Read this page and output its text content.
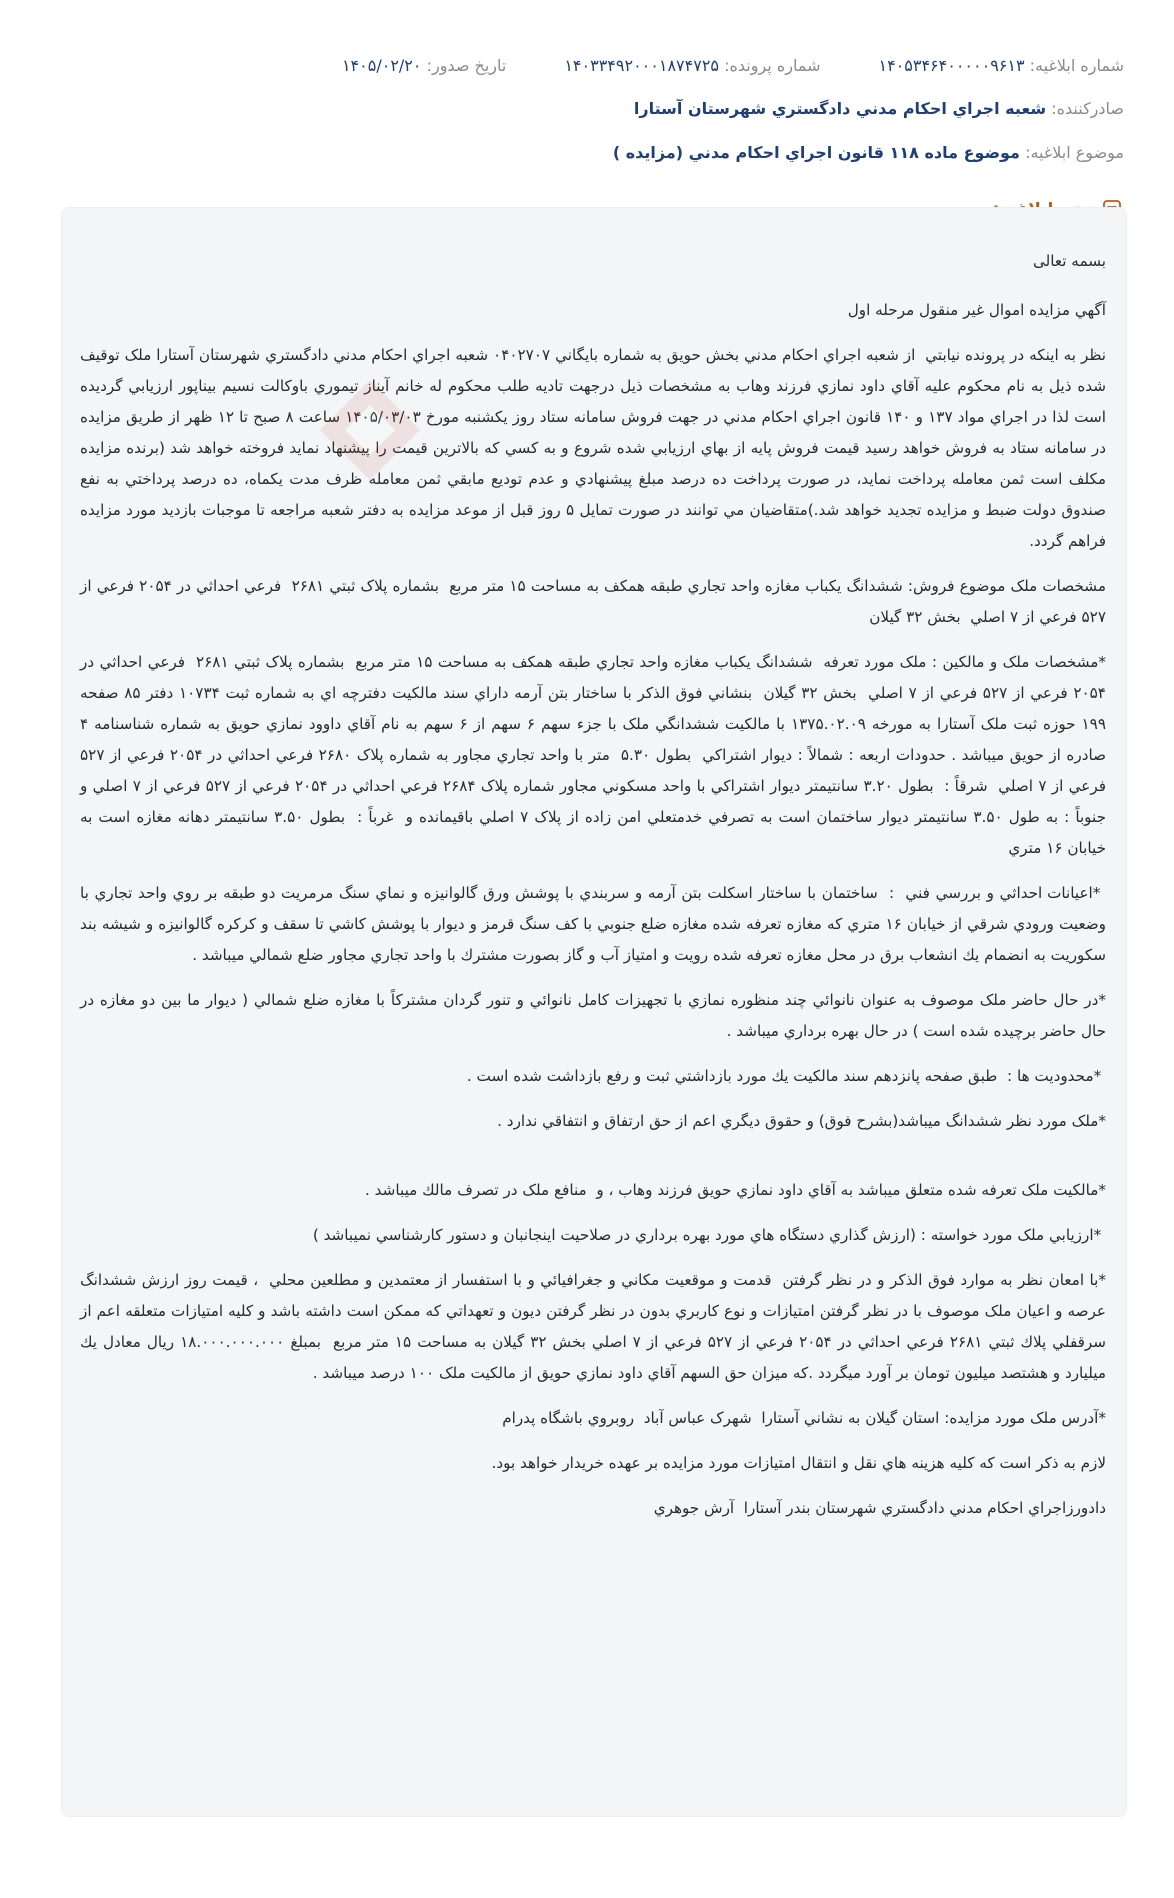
شماره ابلاغيه: ۱۴۰۵۳۴۶۴۰۰۰۰۰۹۶۱۳
شماره پرونده: ۱۴۰۳۳۴۹۲۰۰۰۱۸۷۴۷۲۵
تاريخ صدور: ۱۴۰۵/۰۲/۲۰
صادرکننده: شعبه اجراي احکام مدني دادگستري شهرستان آستارا
موضوع ابلاغيه: موضوع ماده ۱۱۸ قانون اجراي احکام مدني (مزايده )

بسمه تعالی

آگهي مزايده اموال غير منقول مرحله اول

نظر به اينکه در پرونده نيابتي  از شعبه اجراي احکام مدني بخش حويق به شماره بايگاني ۰۴۰۲۷۰۷ شعبه اجراي احکام مدني دادگستري شهرستان آستارا ملک توقيف شده ذيل به نام محکوم عليه آقاي داود نمازي فرزند وهاب به مشخصات ذيل درجهت تاديه طلب محکوم له خانم آيناز تيموري باوکالت نسيم بيناپور ارزيابي گرديده است لذا در اجراي مواد ۱۳۷ و ۱۴۰ قانون اجراي احکام مدني در جهت فروش سامانه ستاد روز يکشنبه مورخ ۱۴۰۵/۰۳/۰۳ ساعت ۸ صبح تا ۱۲ ظهر از طريق مزايده در سامانه ستاد به فروش خواهد رسيد قيمت فروش پايه از بهاي ارزيابي شده شروع و به کسي که بالاترين قيمت را پيشنهاد نمايد فروخته خواهد شد (برنده مزايده مکلف است ثمن معامله پرداخت نمايد، در صورت پرداخت ده درصد مبلغ پيشنهادي و عدم توديع مابقي ثمن معامله ظرف مدت يکماه، ده درصد پرداختي به نفع صندوق دولت ضبط و مزايده تجديد خواهد شد.)متقاضيان مي توانند در صورت تمايل ۵ روز قبل از موعد مزايده به دفتر شعبه مراجعه تا موجبات بازديد مورد مزايده فراهم گردد.

مشخصات ملک موضوع فروش: ششدانگ يکباب مغازه واحد تجاري طبقه همکف به مساحت ۱۵ متر مربع  بشماره پلاک ثبتي ۲۶۸۱  فرعي احداثي در ۲۰۵۴ فرعي از ۵۲۷ فرعي از ۷ اصلي  بخش ۳۲ گيلان

*مشخصات ملک و مالکين : ملک مورد تعرفه  ششدانگ يکباب مغازه واحد تجاري طبقه همکف به مساحت ۱۵ متر مربع  بشماره پلاک ثبتي ۲۶۸۱  فرعي احداثي در ۲۰۵۴ فرعي از ۵۲۷ فرعي از ۷ اصلي  بخش ۳۲ گيلان  بنشاني فوق الذکر با ساختار بتن آرمه داراي سند مالکيت دفترچه اي به شماره ثبت ۱۰۷۳۴ دفتر ۸۵ صفحه ۱۹۹ حوزه ثبت ملک آستارا به مورخه ۱۳۷۵.۰۲.۰۹ با مالکيت ششدانگي ملک با جزء سهم ۶ سهم از ۶ سهم به نام آقاي داوود نمازي حويق به شماره شناسنامه ۴ صادره از حويق ميباشد . حدودات اربعه : شمالاً : ديوار اشتراکي  بطول ۵.۳۰  متر با واحد تجاري مجاور به شماره پلاک ۲۶۸۰ فرعي احداثي در ۲۰۵۴ فرعي از ۵۲۷ فرعي از ۷ اصلي  شرقاً :  بطول ۳.۲۰ سانتيمتر ديوار اشتراکي با واحد مسکوني مجاور شماره پلاک ۲۶۸۴ فرعي احداثي در ۲۰۵۴ فرعي از ۵۲۷ فرعي از ۷ اصلي و جنوباً : به طول ۳.۵۰ سانتيمتر ديوار ساختمان است به تصرفي خدمتعلي امن زاده از پلاک ۷ اصلي باقيمانده و  غرباً :  بطول ۳.۵۰ سانتيمتر دهانه مغازه است به خيابان ۱۶ متري

*اعيانات احداثي و بررسي فني  :  ساختمان با ساختار اسکلت بتن آرمه و سربندي با پوشش ورق گالوانيزه و نماي سنگ مرمريت دو طبقه بر روي واحد تجاري با وضعيت ورودي شرقي از خيابان ۱۶ متري که مغازه تعرفه شده مغازه ضلع جنوبي با کف سنگ قرمز و ديوار با پوشش کاشي تا سقف و کرکره گالوانيزه و شيشه بند سکوريت به انضمام يك انشعاب برق در محل مغازه تعرفه شده رويت و امتياز آب و گاز بصورت مشترك با واحد تجاري مجاور ضلع شمالي ميباشد .

*در حال حاضر ملک موصوف به عنوان نانوائي چند منظوره نمازي با تجهيزات کامل نانوائي و تنور گردان مشترکاً با مغازه ضلع شمالي ( ديوار ما بين دو مغازه در حال حاضر برچيده شده است ) در حال بهره برداري ميباشد .

*محدوديت ها :  طبق صفحه پانزدهم سند مالکيت يك مورد بازداشتي ثبت و رفع بازداشت شده است .

*ملک مورد نظر ششدانگ ميباشد(بشرح فوق) و حقوق ديگري اعم از حق ارتفاق و انتفاقي ندارد .

*مالکيت ملک تعرفه شده متعلق ميباشد به آقاي داود نمازي حويق فرزند وهاب ، و  منافع ملک در تصرف مالك ميباشد .

*ارزيابي ملک مورد خواسته : (ارزش گذاري دستگاه هاي مورد بهره برداري در صلاحيت اينجانبان و دستور کارشناسي نميباشد )

*با امعان نظر به موارد فوق الذکر و در نظر گرفتن  قدمت و موقعيت مکاني و جغرافيائي و با استفسار از معتمدين و مطلعين محلي  ، قيمت روز ارزش ششدانگ عرصه و اعيان ملک موصوف با در نظر گرفتن امتيازات و نوع کاربري بدون در نظر گرفتن ديون و تعهداتي که ممکن است داشته باشد و کليه امتيازات متعلقه اعم از سرقفلي پلاك ثبتي ۲۶۸۱ فرعي احداثي در ۲۰۵۴ فرعي از ۵۲۷ فرعي از ۷ اصلي بخش ۳۲ گيلان به مساحت ۱۵ متر مربع  بمبلغ ۱۸.۰۰۰.۰۰۰.۰۰۰ ريال معادل يك ميليارد و هشتصد ميليون تومان بر آورد ميگردد .که ميزان حق السهم آقاي داود نمازي حويق از مالکيت ملک ۱۰۰ درصد ميباشد .

*آدرس ملک مورد مزايده: استان گيلان به نشاني آستارا  شهرک عباس آباد  روبروي باشگاه پدرام

لازم به ذکر است که کليه هزينه هاي نقل و انتقال امتيازات مورد مزايده بر عهده خريدار خواهد بود.

دادورزاجراي احکام مدني دادگستري شهرستان بندر آستارا  آرش جوهري
